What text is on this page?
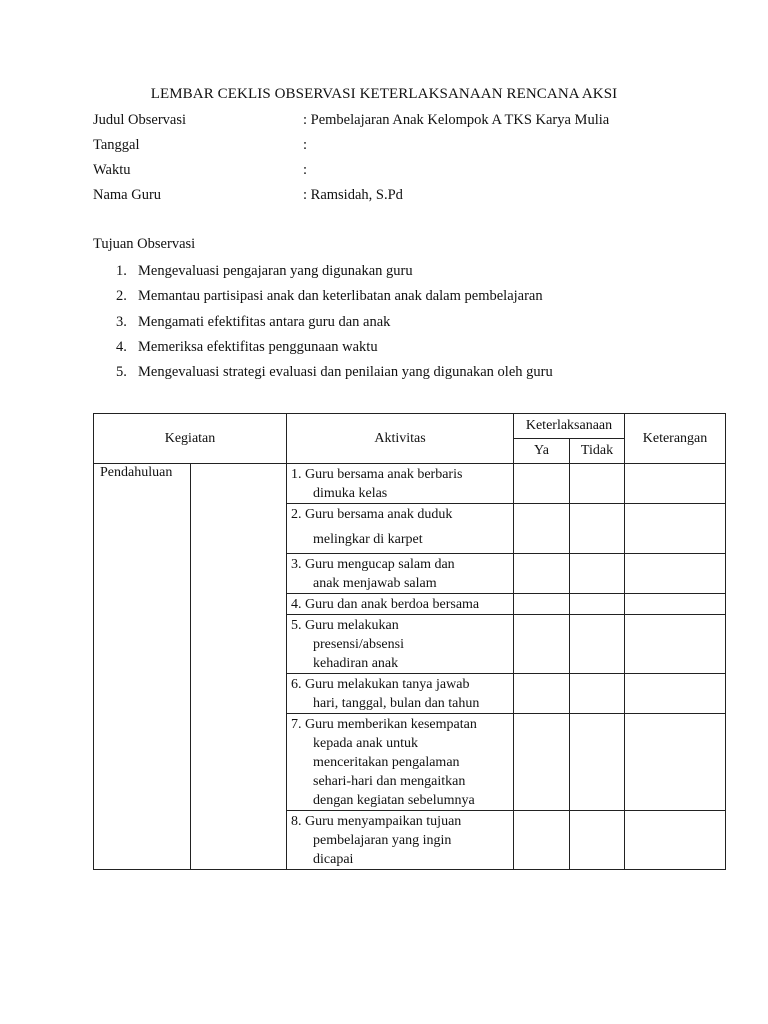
LEMBAR CEKLIS OBSERVASI KETERLAKSANAAN RENCANA AKSI
Judul Observasi	: Pembelajaran Anak Kelompok A TKS Karya Mulia
Tanggal	:
Waktu	:
Nama Guru	: Ramsidah, S.Pd
Tujuan Observasi
1. Mengevaluasi pengajaran yang digunakan guru
2. Memantau partisipasi anak dan keterlibatan anak dalam pembelajaran
3. Mengamati efektifitas antara guru dan anak
4. Memeriksa efektifitas penggunaan waktu
5. Mengevaluasi strategi evaluasi dan penilaian yang digunakan oleh guru
Kegiatan		Aktivitas	Keterlaksanaan		Keterangan
			Ya	Tidak	
Pendahuluan		1. Guru bersama anak berbaris
dimuka kelas			

		2. Guru bersama anak duduk
melingkar di karpet			

		3. Guru mengucap salam dan
anak menjawab salam			

		4. Guru dan anak berdoa bersama			

		5. Guru melakukan
presensi/absensi
kehadiran anak			

		6. Guru melakukan tanya jawab
hari, tanggal, bulan dan tahun			

		7. Guru memberikan kesempatan
kepada anak untuk
menceritakan pengalaman
sehari-hari dan mengaitkan
dengan kegiatan sebelumnya			

		8. Guru menyampaikan tujuan
pembelajaran yang ingin
dicapai			
